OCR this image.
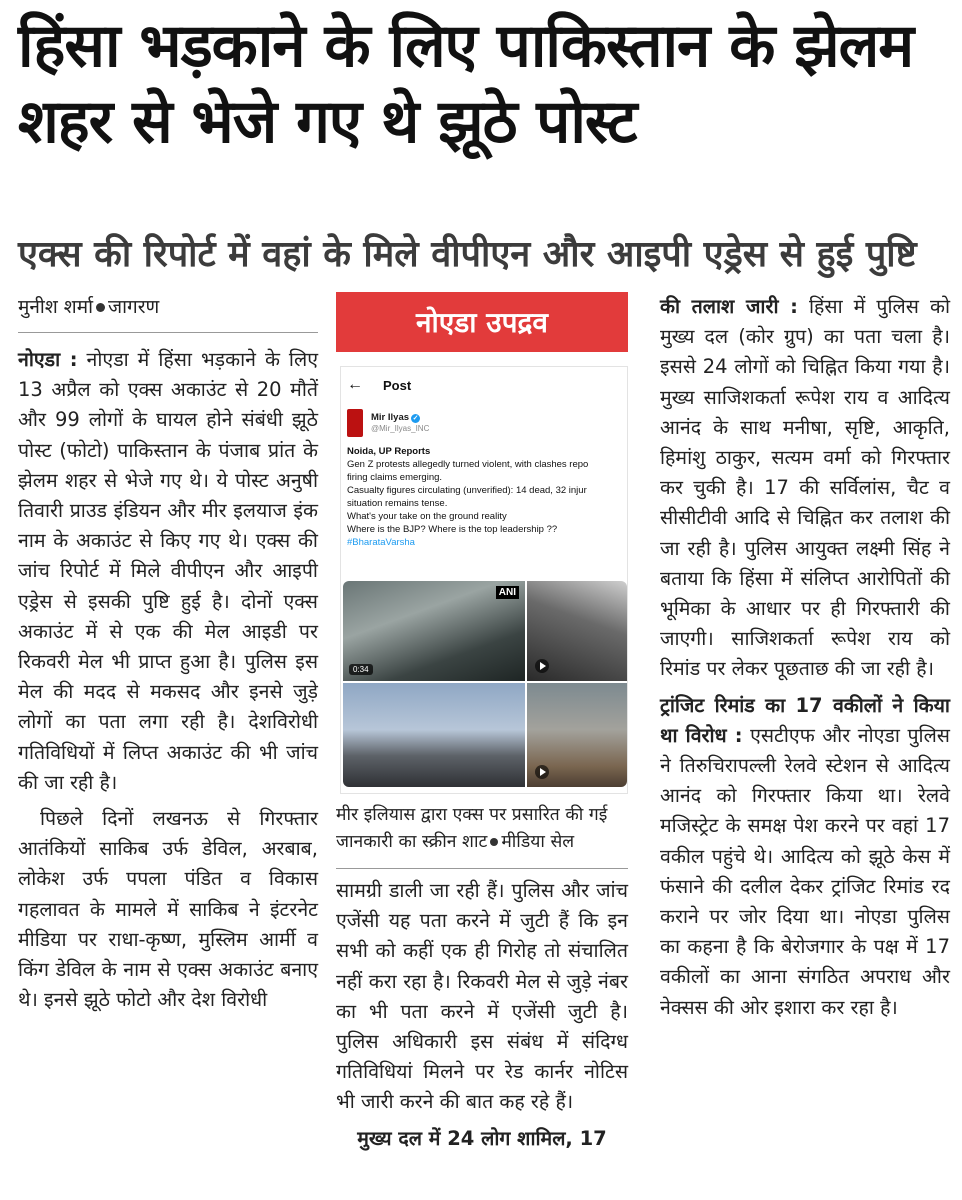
हिंसा भड़काने के लिए पाकिस्तान के झेलम शहर से भेजे गए थे झूठे पोस्ट
एक्स की रिपोर्ट में वहां के मिले वीपीएन और आइपी एड्रेस से हुई पुष्टि
मुनीश शर्मा जागरण

नोएडा : नोएडा में हिंसा भड़काने के लिए 13 अप्रैल को एक्स अकाउंट से 20 मौतें और 99 लोगों के घायल होने संबंधी झूठे पोस्ट (फोटो) पाकिस्तान के पंजाब प्रांत के झेलम शहर से भेजे गए थे। ये पोस्ट अनुषी तिवारी प्राउड इंडियन और मीर इलयाज इंक नाम के अकाउंट से किए गए थे। एक्स की जांच रिपोर्ट में मिले वीपीएन और आइपी एड्रेस से इसकी पुष्टि हुई है। दोनों एक्स अकाउंट में से एक की मेल आइडी पर रिकवरी मेल भी प्राप्त हुआ है। पुलिस इस मेल की मदद से मकसद और इनसे जुड़े लोगों का पता लगा रही है। देशविरोधी गतिविधियों में लिप्त अकाउंट की भी जांच की जा रही है।

पिछले दिनों लखनऊ से गिरफ्तार आतंकियों साकिब उर्फ डेविल, अरबाब, लोकेश उर्फ पपला पंडित व विकास गहलावत के मामले में साकिब ने इंटरनेट मीडिया पर राधा-कृष्ण, मुस्लिम आर्मी व किंग डेविल के नाम से एक्स अकाउंट बनाए थे। इनसे झूठे फोटो और देश विरोधी

नोएडा उपद्रव
← Post
Mir Ilyas ✓
@Mir_Ilyas_INC
Noida, UP Reports
Gen Z protests allegedly turned violent, with clashes repo
firing claims emerging.
Casualty figures circulating (unverified): 14 dead, 32 injur
situation remains tense.
What's your take on the ground reality
Where is the BJP? Where is the top leadership ??
#BharataVarsha
ANI
0:34
मीर इलियास द्वारा एक्स पर प्रसारित की गई जानकारी का स्क्रीन शाट मीडिया सेल

सामग्री डाली जा रही हैं। पुलिस और जांच एजेंसी यह पता करने में जुटी हैं कि इन सभी को कहीं एक ही गिरोह तो संचालित नहीं करा रहा है। रिकवरी मेल से जुड़े नंबर का भी पता करने में एजेंसी जुटी है। पुलिस अधिकारी इस संबंध में संदिग्ध गतिविधियां मिलने पर रेड कार्नर नोटिस भी जारी करने की बात कह रहे हैं।

मुख्य दल में 24 लोग शामिल, 17

की तलाश जारी : हिंसा में पुलिस को मुख्य दल (कोर ग्रुप) का पता चला है। इससे 24 लोगों को चिह्नित किया गया है। मुख्य साजिशकर्ता रूपेश राय व आदित्य आनंद के साथ मनीषा, सृष्टि, आकृति, हिमांशु ठाकुर, सत्यम वर्मा को गिरफ्तार कर चुकी है। 17 की सर्विलांस, चैट व सीसीटीवी आदि से चिह्नित कर तलाश की जा रही है। पुलिस आयुक्त लक्ष्मी सिंह ने बताया कि हिंसा में संलिप्त आरोपितों की भूमिका के आधार पर ही गिरफ्तारी की जाएगी। साजिशकर्ता रूपेश राय को रिमांड पर लेकर पूछताछ की जा रही है।

ट्रांजिट रिमांड का 17 वकीलों ने किया था विरोध : एसटीएफ और नोएडा पुलिस ने तिरुचिरापल्ली रेलवे स्टेशन से आदित्य आनंद को गिरफ्तार किया था। रेलवे मजिस्ट्रेट के समक्ष पेश करने पर वहां 17 वकील पहुंचे थे। आदित्य को झूठे केस में फंसाने की दलील देकर ट्रांजिट रिमांड रद कराने पर जोर दिया था। नोएडा पुलिस का कहना है कि बेरोजगार के पक्ष में 17 वकीलों का आना संगठित अपराध और नेक्सस की ओर इशारा कर रहा है।
